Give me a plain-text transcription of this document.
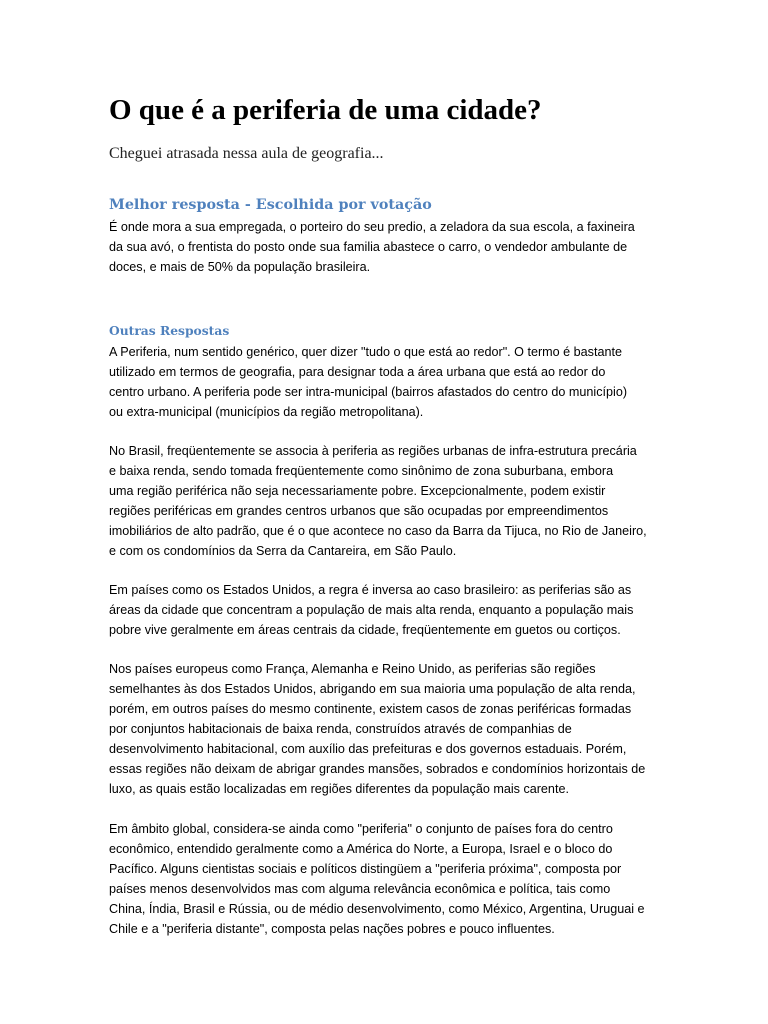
O que é a periferia de uma cidade?

Cheguei atrasada nessa aula de geografia...

Melhor resposta - Escolhida por votação

É onde mora a sua empregada, o porteiro do seu predio, a zeladora da sua escola, a faxineira
da sua avó, o frentista do posto onde sua familia abastece o carro, o vendedor ambulante de
doces, e mais de 50% da população brasileira.

Outras Respostas

A Periferia, num sentido genérico, quer dizer "tudo o que está ao redor". O termo é bastante
utilizado em termos de geografia, para designar toda a área urbana que está ao redor do
centro urbano. A periferia pode ser intra-municipal (bairros afastados do centro do município)
ou extra-municipal (municípios da região metropolitana).

No Brasil, freqüentemente se associa à periferia as regiões urbanas de infra-estrutura precária
e baixa renda, sendo tomada freqüentemente como sinônimo de zona suburbana, embora
uma região periférica não seja necessariamente pobre. Excepcionalmente, podem existir
regiões periféricas em grandes centros urbanos que são ocupadas por empreendimentos
imobiliários de alto padrão, que é o que acontece no caso da Barra da Tijuca, no Rio de Janeiro,
e com os condomínios da Serra da Cantareira, em São Paulo.

Em países como os Estados Unidos, a regra é inversa ao caso brasileiro: as periferias são as
áreas da cidade que concentram a população de mais alta renda, enquanto a população mais
pobre vive geralmente em áreas centrais da cidade, freqüentemente em guetos ou cortiços.

Nos países europeus como França, Alemanha e Reino Unido, as periferias são regiões
semelhantes às dos Estados Unidos, abrigando em sua maioria uma população de alta renda,
porém, em outros países do mesmo continente, existem casos de zonas periféricas formadas
por conjuntos habitacionais de baixa renda, construídos através de companhias de
desenvolvimento habitacional, com auxílio das prefeituras e dos governos estaduais. Porém,
essas regiões não deixam de abrigar grandes mansões, sobrados e condomínios horizontais de
luxo, as quais estão localizadas em regiões diferentes da população mais carente.

Em âmbito global, considera-se ainda como "periferia" o conjunto de países fora do centro
econômico, entendido geralmente como a América do Norte, a Europa, Israel e o bloco do
Pacífico. Alguns cientistas sociais e políticos distingüem a "periferia próxima", composta por
países menos desenvolvidos mas com alguma relevância econômica e política, tais como
China, Índia, Brasil e Rússia, ou de médio desenvolvimento, como México, Argentina, Uruguai e
Chile e a "periferia distante", composta pelas nações pobres e pouco influentes.
